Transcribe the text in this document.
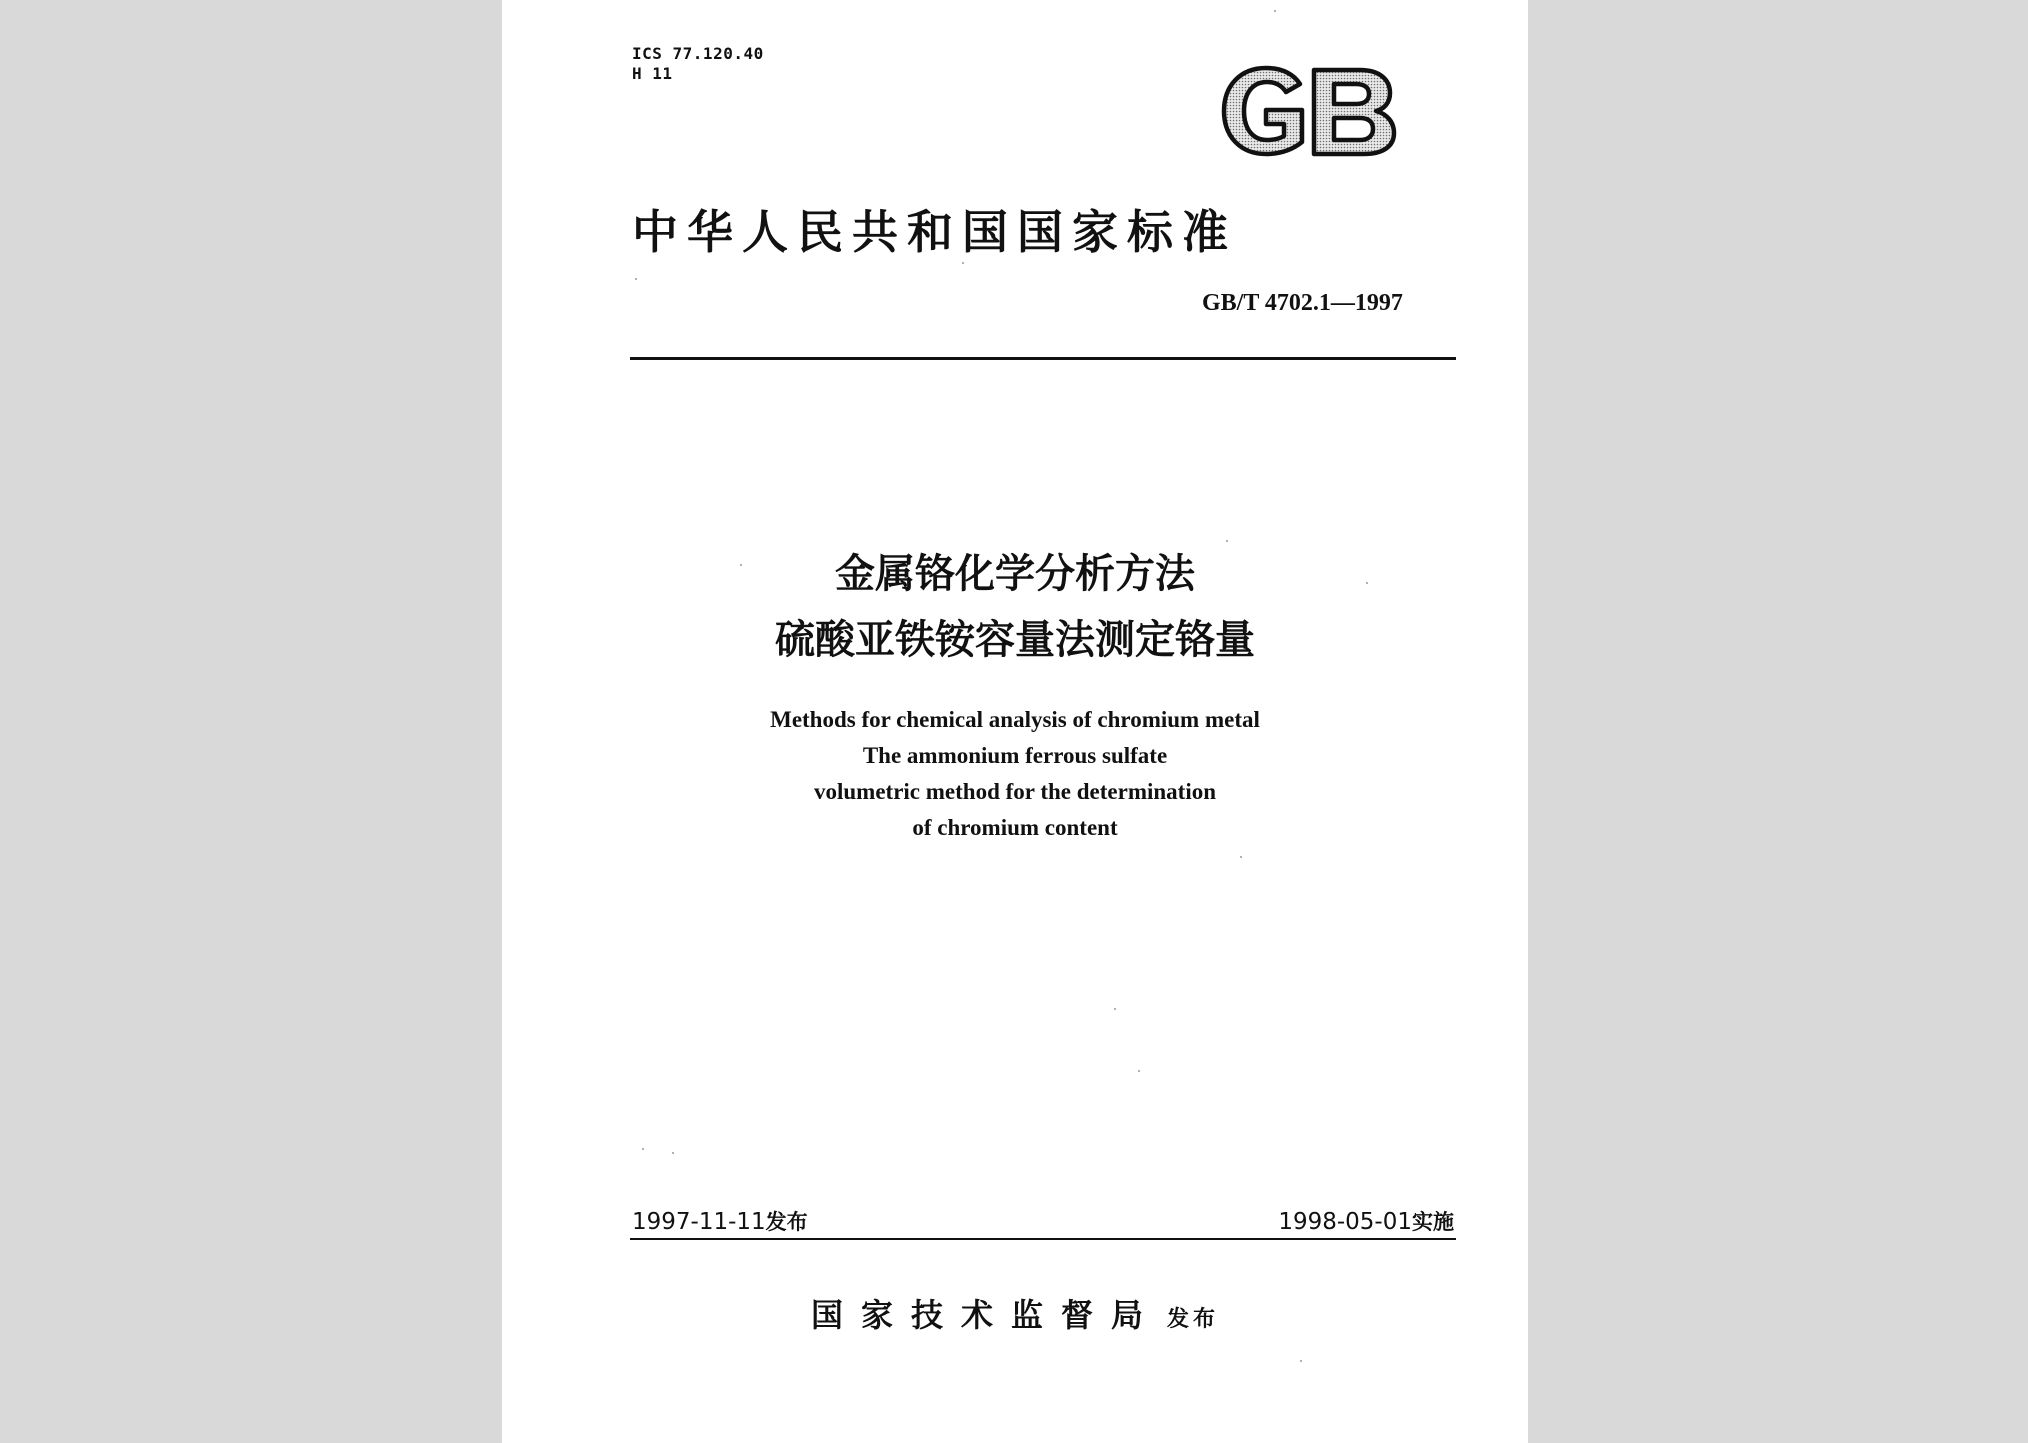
ICS 77.120.40
H 11
中华人民共和国国家标准
GB/T 4702.1—1997
金属铬化学分析方法
硫酸亚铁铵容量法测定铬量
Methods for chemical analysis of chromium metal
The ammonium ferrous sulfate
volumetric method for the determination
of chromium content
1997-11-11发布	1998-05-01实施
国家技术监督局 发布
